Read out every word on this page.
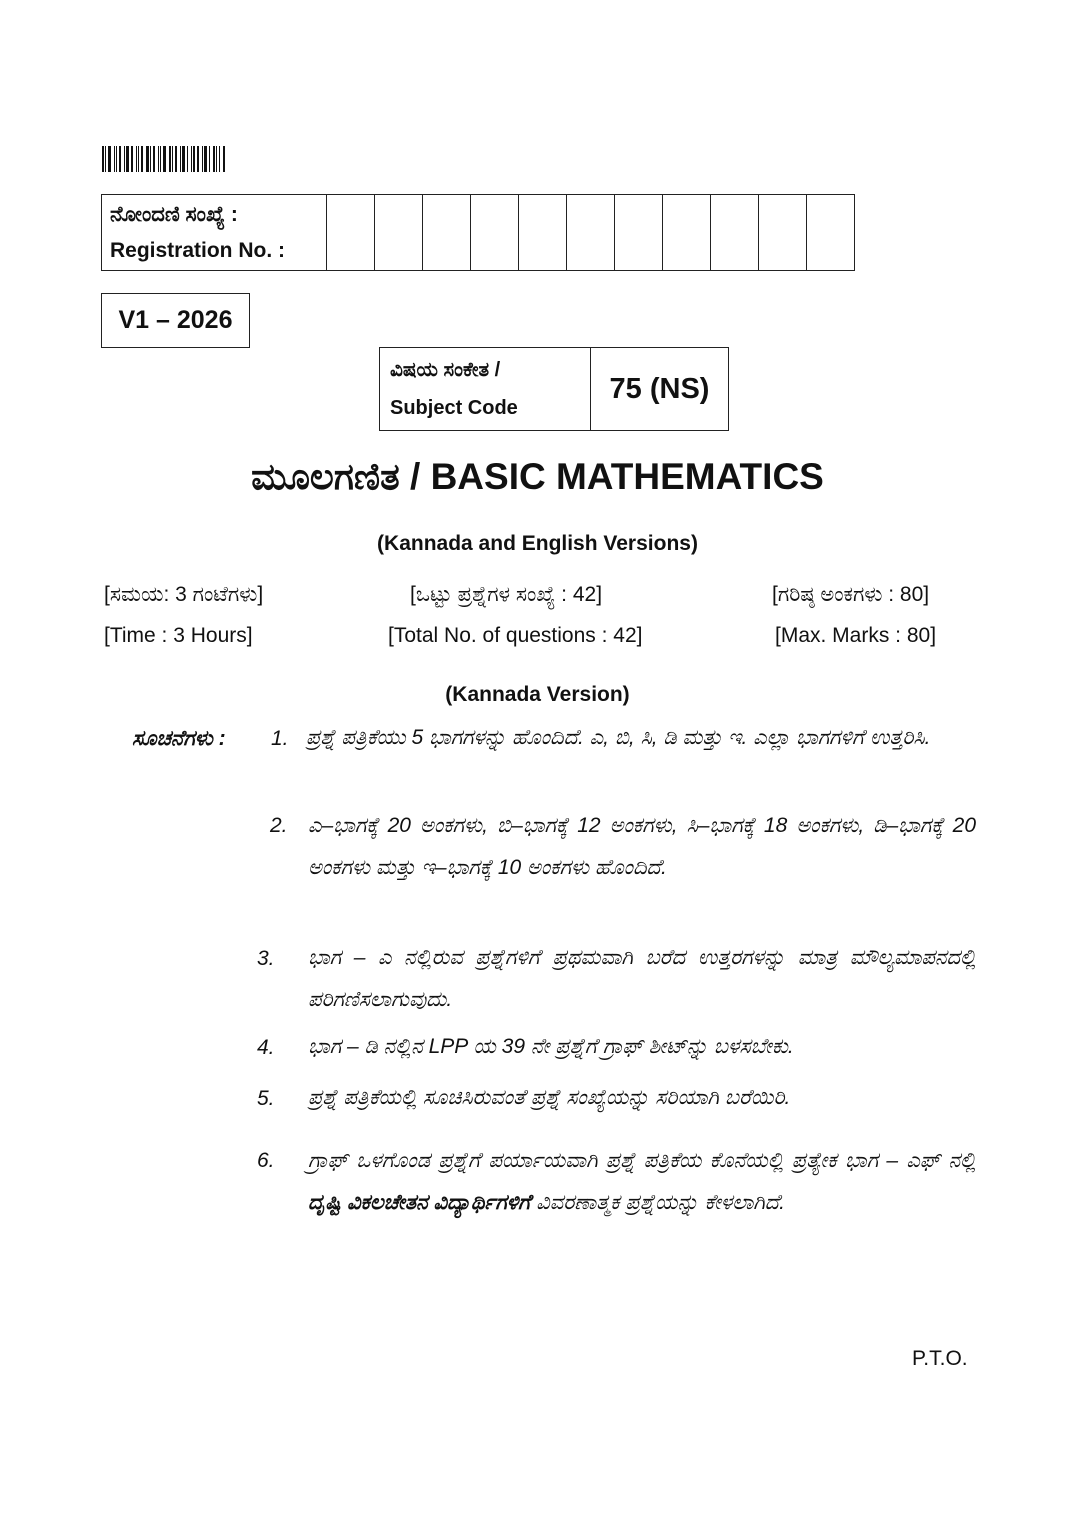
ನೋಂದಣಿ ಸಂಖ್ಯೆ :
Registration No. :

V1 – 2026
ವಿಷಯ ಸಂಕೇತ /
Subject Code
75 (NS)
ಮೂಲಗಣಿತ / BASIC MATHEMATICS
(Kannada and English Versions)
[ಸಮಯ: 3 ಗಂಟೆಗಳು]	[ಒಟ್ಟು ಪ್ರಶ್ನೆಗಳ ಸಂಖ್ಯೆ : 42]	[ಗರಿಷ್ಠ ಅಂಕಗಳು : 80]
[Time : 3 Hours]	[Total No. of questions : 42]	[Max. Marks : 80]
(Kannada Version)
ಸೂಚನೆಗಳು : 1. ಪ್ರಶ್ನೆ ಪತ್ರಿಕೆಯು 5 ಭಾಗಗಳನ್ನು ಹೊಂದಿದೆ. ಎ, ಬಿ, ಸಿ, ಡಿ ಮತ್ತು ಇ. ಎಲ್ಲಾ ಭಾಗಗಳಿಗೆ ಉತ್ತರಿಸಿ.
2. ಎ–ಭಾಗಕ್ಕೆ 20 ಅಂಕಗಳು, ಬಿ–ಭಾಗಕ್ಕೆ 12 ಅಂಕಗಳು, ಸಿ–ಭಾಗಕ್ಕೆ 18 ಅಂಕಗಳು, ಡಿ–ಭಾಗಕ್ಕೆ 20 ಅಂಕಗಳು ಮತ್ತು ಇ–ಭಾಗಕ್ಕೆ 10 ಅಂಕಗಳು ಹೊಂದಿದೆ.
3. ಭಾಗ – ಎ ನಲ್ಲಿರುವ ಪ್ರಶ್ನೆಗಳಿಗೆ ಪ್ರಥಮವಾಗಿ ಬರೆದ ಉತ್ತರಗಳನ್ನು ಮಾತ್ರ ಮೌಲ್ಯಮಾಪನದಲ್ಲಿ ಪರಿಗಣಿಸಲಾಗುವುದು.
4. ಭಾಗ – ಡಿ ನಲ್ಲಿನ LPP ಯ 39 ನೇ ಪ್ರಶ್ನೆಗೆ ಗ್ರಾಫ್ ಶೀಟ್‌ನ್ನು ಬಳಸಬೇಕು.
5. ಪ್ರಶ್ನೆ ಪತ್ರಿಕೆಯಲ್ಲಿ ಸೂಚಿಸಿರುವಂತೆ ಪ್ರಶ್ನೆ ಸಂಖ್ಯೆಯನ್ನು ಸರಿಯಾಗಿ ಬರೆಯಿರಿ.
6. ಗ್ರಾಫ್ ಒಳಗೊಂಡ ಪ್ರಶ್ನೆಗೆ ಪರ್ಯಾಯವಾಗಿ ಪ್ರಶ್ನೆ ಪತ್ರಿಕೆಯ ಕೊನೆಯಲ್ಲಿ ಪ್ರತ್ಯೇಕ ಭಾಗ – ಎಫ್ ನಲ್ಲಿ ದೃಷ್ಟಿ ವಿಕಲಚೇತನ ವಿದ್ಯಾರ್ಥಿಗಳಿಗೆ ವಿವರಣಾತ್ಮಕ ಪ್ರಶ್ನೆಯನ್ನು ಕೇಳಲಾಗಿದೆ.
P.T.O.
